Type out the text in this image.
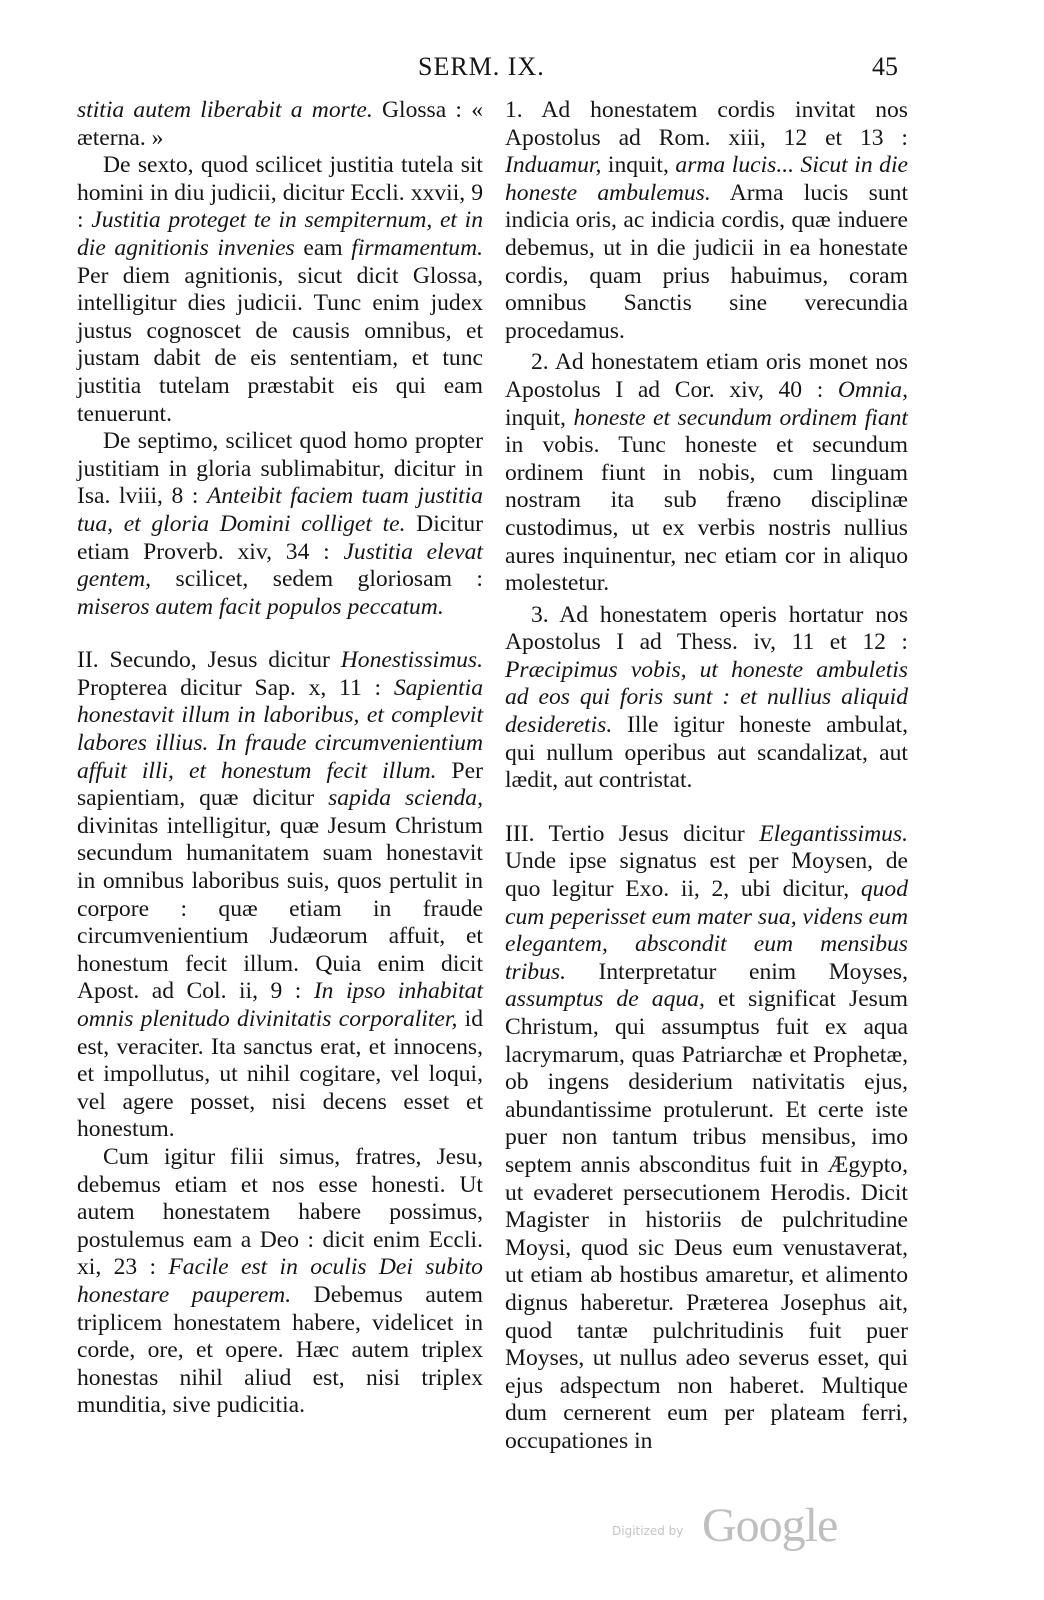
SERM. IX.	45

stitia autem liberabit a morte. Glossa : « æterna. »

De sexto, quod scilicet justitia tutela sit homini in diu judicii, dicitur Eccli. xxvii, 9 : Justitia proteget te in sempiternum, et in die agnitionis invenies eam firmamentum. Per diem agnitionis, sicut dicit Glossa, intelligitur dies judicii. Tunc enim judex justus cognoscet de causis omnibus, et justam dabit de eis sententiam, et tunc justitia tutelam præstabit eis qui eam tenuerunt.

De septimo, scilicet quod homo propter justitiam in gloria sublimabitur, dicitur in Isa. lviii, 8 : Anteibit faciem tuam justitia tua, et gloria Domini colliget te. Dicitur etiam Proverb. xiv, 34 : Justitia elevat gentem, scilicet, sedem gloriosam : miseros autem facit populos peccatum.

II. Secundo, Jesus dicitur Honestissimus. Propterea dicitur Sap. x, 11 : Sapientia honestavit illum in laboribus, et complevit labores illius. In fraude circumvenientium affuit illi, et honestum fecit illum. Per sapientiam, quæ dicitur sapida scienda, divinitas intelligitur, quæ Jesum Christum secundum humanitatem suam honestavit in omnibus laboribus suis, quos pertulit in corpore : quæ etiam in fraude circumvenientium Judæorum affuit, et honestum fecit illum. Quia enim dicit Apost. ad Col. ii, 9 : In ipso inhabitat omnis plenitudo divinitatis corporaliter, id est, veraciter. Ita sanctus erat, et innocens, et impollutus, ut nihil cogitare, vel loqui, vel agere posset, nisi decens esset et honestum.

Cum igitur filii simus, fratres, Jesu, debemus etiam et nos esse honesti. Ut autem honestatem habere possimus, postulemus eam a Deo : dicit enim Eccli. xi, 23 : Facile est in oculis Dei subito honestare pauperem. Debemus autem triplicem honestatem habere, videlicet in corde, ore, et opere. Hæc autem triplex honestas nihil aliud est, nisi triplex munditia, sive pudicitia.

1. Ad honestatem cordis invitat nos Apostolus ad Rom. xiii, 12 et 13 : Induamur, inquit, arma lucis... Sicut in die honeste ambulemus. Arma lucis sunt indicia oris, ac indicia cordis, quæ induere debemus, ut in die judicii in ea honestate cordis, quam prius habuimus, coram omnibus Sanctis sine verecundia procedamus.

2. Ad honestatem etiam oris monet nos Apostolus I ad Cor. xiv, 40 : Omnia, inquit, honeste et secundum ordinem fiant in vobis. Tunc honeste et secundum ordinem fiunt in nobis, cum linguam nostram ita sub fræno disciplinæ custodimus, ut ex verbis nostris nullius aures inquinentur, nec etiam cor in aliquo molestetur.

3. Ad honestatem operis hortatur nos Apostolus I ad Thess. iv, 11 et 12 : Præcipimus vobis, ut honeste ambuletis ad eos qui foris sunt : et nullius aliquid desideretis. Ille igitur honeste ambulat, qui nullum operibus aut scandalizat, aut lædit, aut contristat.

III. Tertio Jesus dicitur Elegantissimus. Unde ipse signatus est per Moysen, de quo legitur Exo. ii, 2, ubi dicitur, quod cum peperisset eum mater sua, videns eum elegantem, abscondit eum mensibus tribus. Interpretatur enim Moyses, assumptus de aqua, et significat Jesum Christum, qui assumptus fuit ex aqua lacrymarum, quas Patriarchæ et Prophetæ, ob ingens desiderium nativitatis ejus, abundantissime protulerunt. Et certe iste puer non tantum tribus mensibus, imo septem annis absconditus fuit in Ægypto, ut evaderet persecutionem Herodis. Dicit Magister in historiis de pulchritudine Moysi, quod sic Deus eum venustaverat, ut etiam ab hostibus amaretur, et alimento dignus haberetur. Præterea Josephus ait, quod tantæ pulchritudinis fuit puer Moyses, ut nullus adeo severus esset, qui ejus adspectum non haberet. Multique dum cernerent eum per plateam ferri, occupationes in

Digitized by Google
